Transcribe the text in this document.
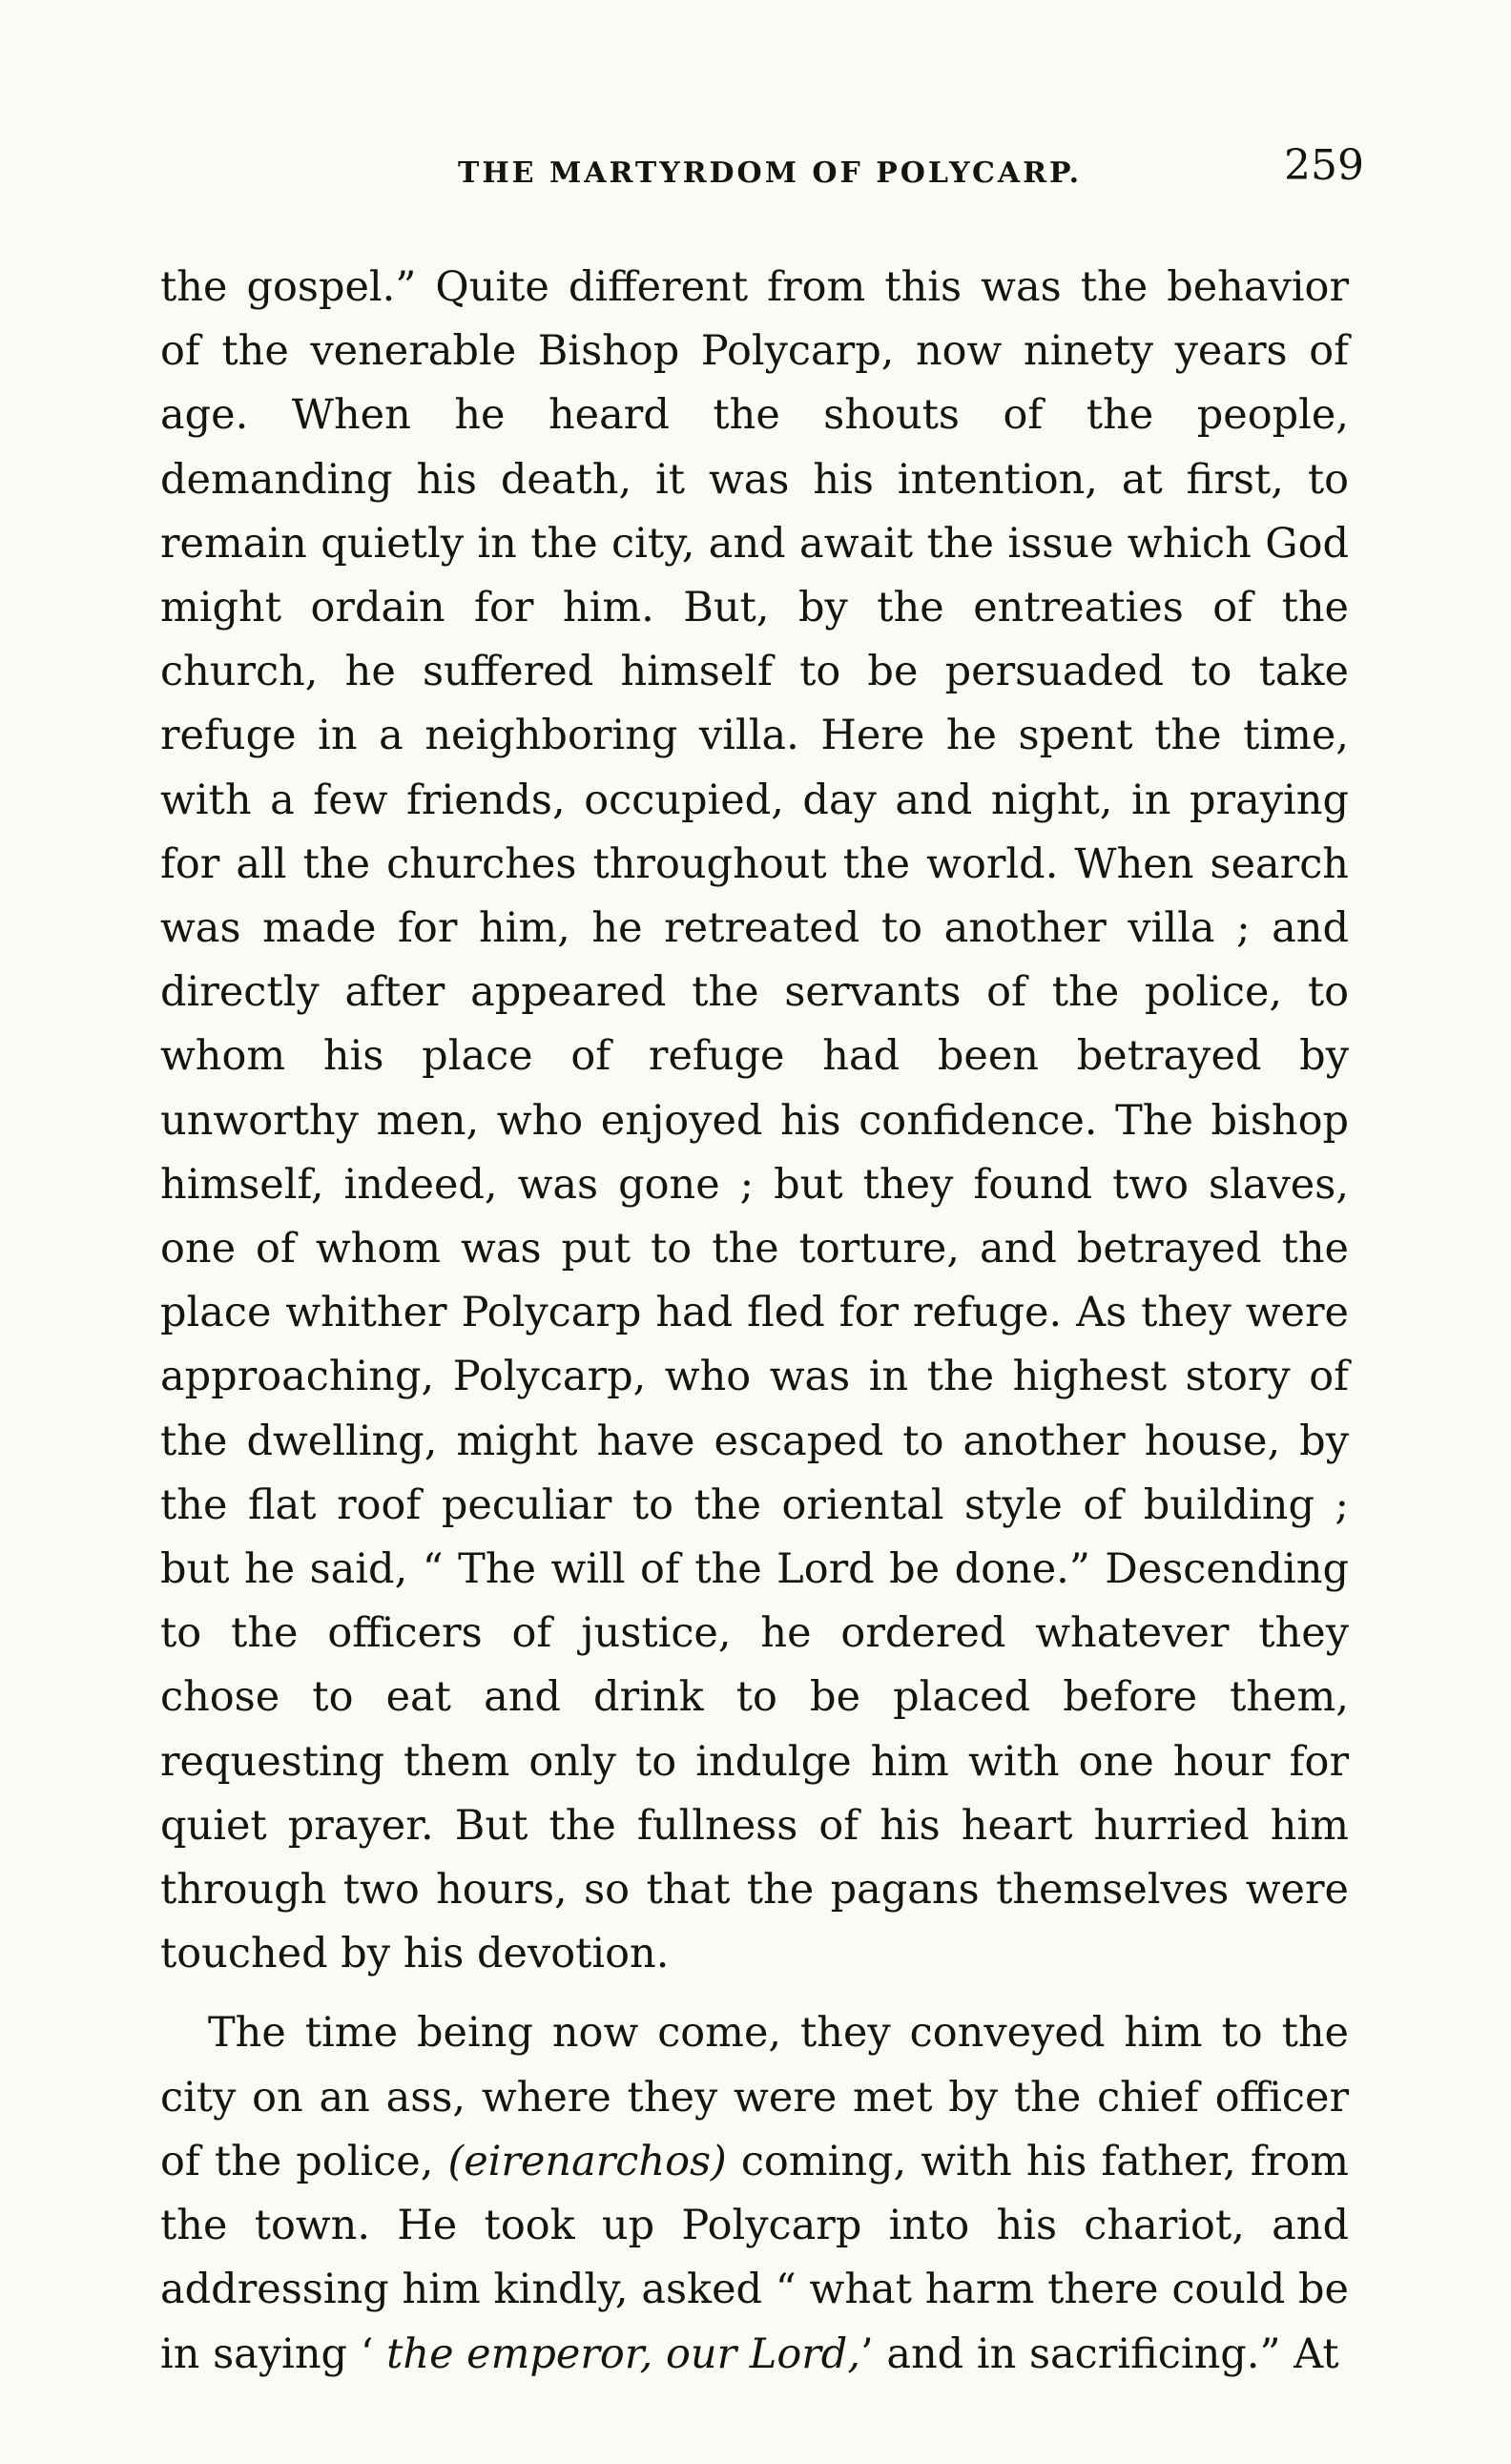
THE MARTYRDOM OF POLYCARP.	259

the gospel.” Quite different from this was the behavior of the venerable Bishop Polycarp, now ninety years of age. When he heard the shouts of the people, demanding his death, it was his intention, at first, to remain quietly in the city, and await the issue which God might ordain for him. But, by the entreaties of the church, he suffered himself to be persuaded to take refuge in a neighboring villa. Here he spent the time, with a few friends, occupied, day and night, in praying for all the churches throughout the world. When search was made for him, he retreated to another villa ; and directly after appeared the servants of the police, to whom his place of refuge had been betrayed by unworthy men, who enjoyed his confidence. The bishop himself, indeed, was gone ; but they found two slaves, one of whom was put to the torture, and betrayed the place whither Polycarp had fled for refuge. As they were approaching, Polycarp, who was in the highest story of the dwelling, might have escaped to another house, by the flat roof peculiar to the oriental style of building ; but he said, “ The will of the Lord be done.” Descending to the officers of justice, he ordered whatever they chose to eat and drink to be placed before them, requesting them only to indulge him with one hour for quiet prayer. But the fullness of his heart hurried him through two hours, so that the pagans themselves were touched by his devotion.

The time being now come, they conveyed him to the city on an ass, where they were met by the chief officer of the police, (eirenarchos) coming, with his father, from the town. He took up Polycarp into his chariot, and addressing him kindly, asked “ what harm there could be in saying ‘ the emperor, our Lord,’ and in sacrificing.” At
